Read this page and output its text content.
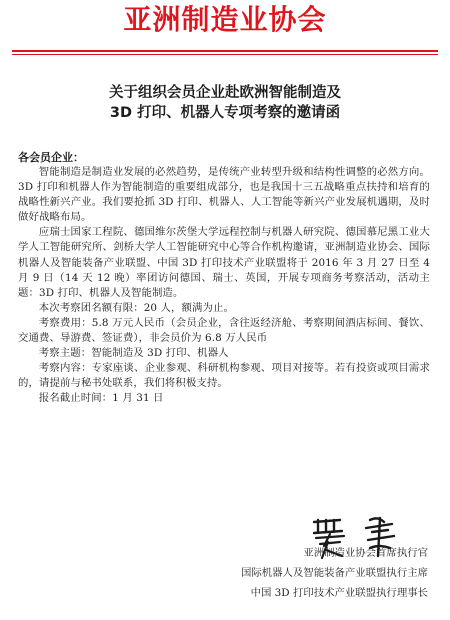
亚洲制造业协会
关于组织会员企业赴欧洲智能制造及
3D 打印、机器人专项考察的邀请函
各会员企业：

智能制造是制造业发展的必然趋势，是传统产业转型升级和结构性调整的必然方向。3D 打印和机器人作为智能制造的重要组成部分，也是我国十三五战略重点扶持和培育的战略性新兴产业。我们要抢抓 3D 打印、机器人、人工智能等新兴产业发展机遇期，及时做好战略布局。

应瑞士国家工程院、德国维尔茨堡大学远程控制与机器人研究院、德国慕尼黑工业大学人工智能研究所、剑桥大学人工智能研究中心等合作机构邀请，亚洲制造业协会、国际机器人及智能装备产业联盟、中国 3D 打印技术产业联盟将于 2016 年 3 月 27 日至 4 月 9 日（14 天 12 晚）率团访问德国、瑞士、英国，开展专项商务考察活动，活动主题：3D 打印、机器人及智能制造。

本次考察团名额有限：20 人，额满为止。

考察费用：5.8 万元人民币（会员企业，含往返经济舱、考察期间酒店标间、餐饮、交通费、导游费、签证费），非会员价为 6.8 万人民币

考察主题：智能制造及 3D 打印、机器人

考察内容：专家座谈、企业参观、科研机构参观、项目对接等。若有投资或项目需求的，请提前与秘书处联系，我们将积极支持。

报名截止时间：1 月 31 日

亚洲制造业协会首席执行官
国际机器人及智能装备产业联盟执行主席
中国 3D 打印技术产业联盟执行理事长
